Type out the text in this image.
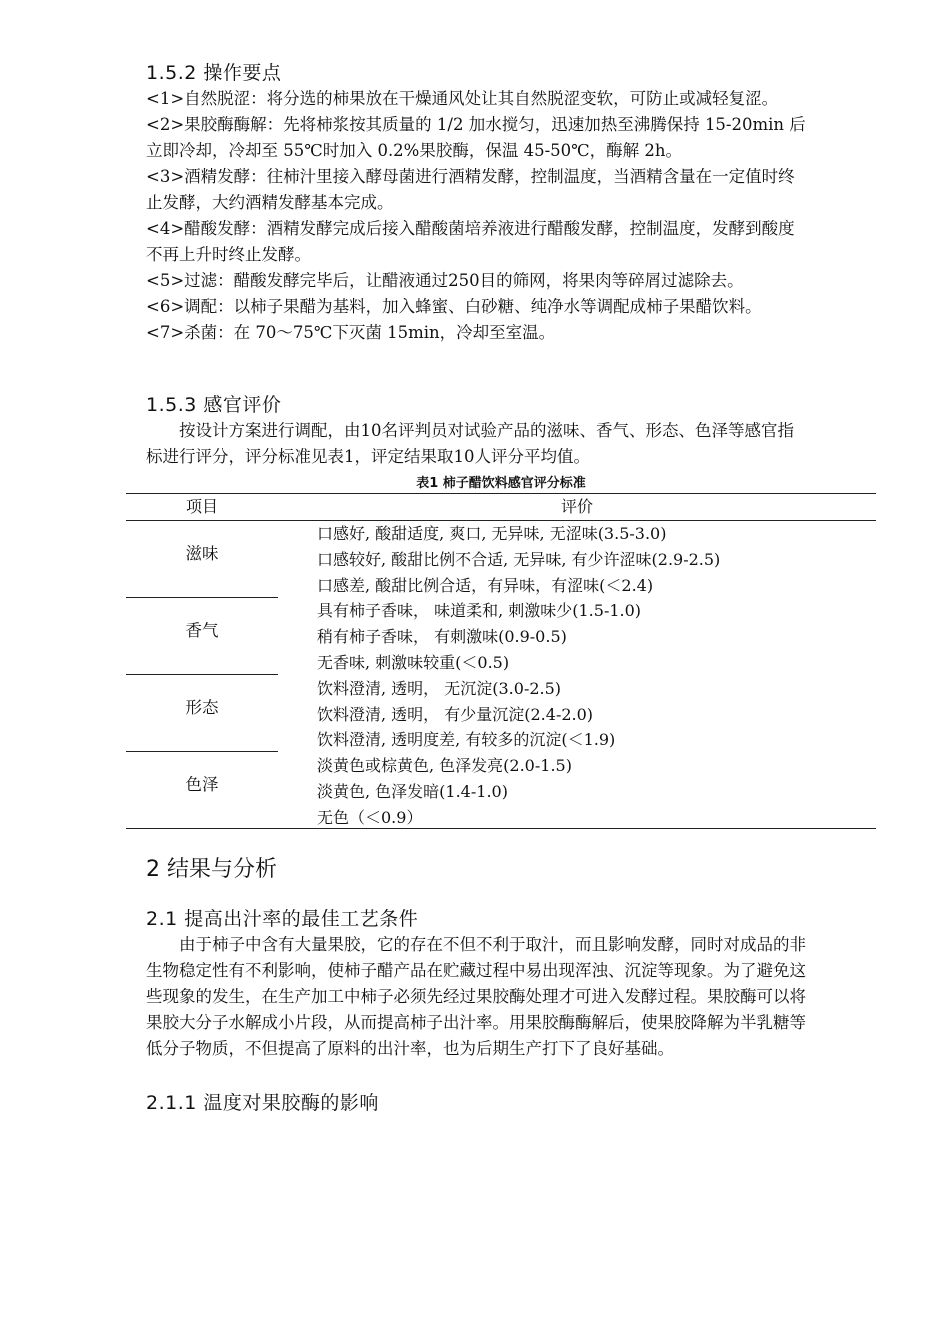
1.5.2 操作要点

<1>自然脱涩：将分选的柿果放在干燥通风处让其自然脱涩变软，可防止或减轻复涩。

<2>果胶酶酶解：先将柿浆按其质量的 1/2 加水搅匀，迅速加热至沸腾保持 15-20min 后立即冷却，冷却至 55℃时加入 0.2%果胶酶，保温 45-50℃，酶解 2h。

<3>酒精发酵：往柿汁里接入酵母菌进行酒精发酵，控制温度，当酒精含量在一定值时终止发酵，大约酒精发酵基本完成。

<4>醋酸发酵：酒精发酵完成后接入醋酸菌培养液进行醋酸发酵，控制温度，发酵到酸度不再上升时终止发酵。

<5>过滤：醋酸发酵完毕后，让醋液通过250目的筛网，将果肉等碎屑过滤除去。

<6>调配：以柿子果醋为基料，加入蜂蜜、白砂糖、纯净水等调配成柿子果醋饮料。

<7>杀菌：在 70～75℃下灭菌 15min，冷却至室温。

1.5.3 感官评价

按设计方案进行调配，由10名评判员对试验产品的滋味、香气、形态、色泽等感官指标进行评分，评分标准见表1，评定结果取10人评分平均值。

表1 柿子醋饮料感官评分标准
项目	评价
滋味
香气
形态
色泽
口感好, 酸甜适度, 爽口, 无异味, 无涩味(3.5-3.0)
口感较好, 酸甜比例不合适, 无异味, 有少许涩味(2.9-2.5)
口感差, 酸甜比例合适，有异味，有涩味(＜2.4)
具有柿子香味， 味道柔和, 刺激味少(1.5-1.0)
稍有柿子香味， 有刺激味(0.9-0.5)
无香味, 刺激味较重(＜0.5)
饮料澄清, 透明， 无沉淀(3.0-2.5)
饮料澄清, 透明， 有少量沉淀(2.4-2.0)
饮料澄清, 透明度差, 有较多的沉淀(＜1.9)
淡黄色或棕黄色, 色泽发亮(2.0-1.5)
淡黄色, 色泽发暗(1.4-1.0)
无色（＜0.9）
2 结果与分析
2.1 提高出汁率的最佳工艺条件

由于柿子中含有大量果胶，它的存在不但不利于取汁，而且影响发酵，同时对成品的非生物稳定性有不利影响，使柿子醋产品在贮藏过程中易出现浑浊、沉淀等现象。为了避免这些现象的发生，在生产加工中柿子必须先经过果胶酶处理才可进入发酵过程。果胶酶可以将果胶大分子水解成小片段，从而提高柿子出汁率。用果胶酶酶解后，使果胶降解为半乳糖等低分子物质，不但提高了原料的出汁率，也为后期生产打下了良好基础。

2.1.1 温度对果胶酶的影响
